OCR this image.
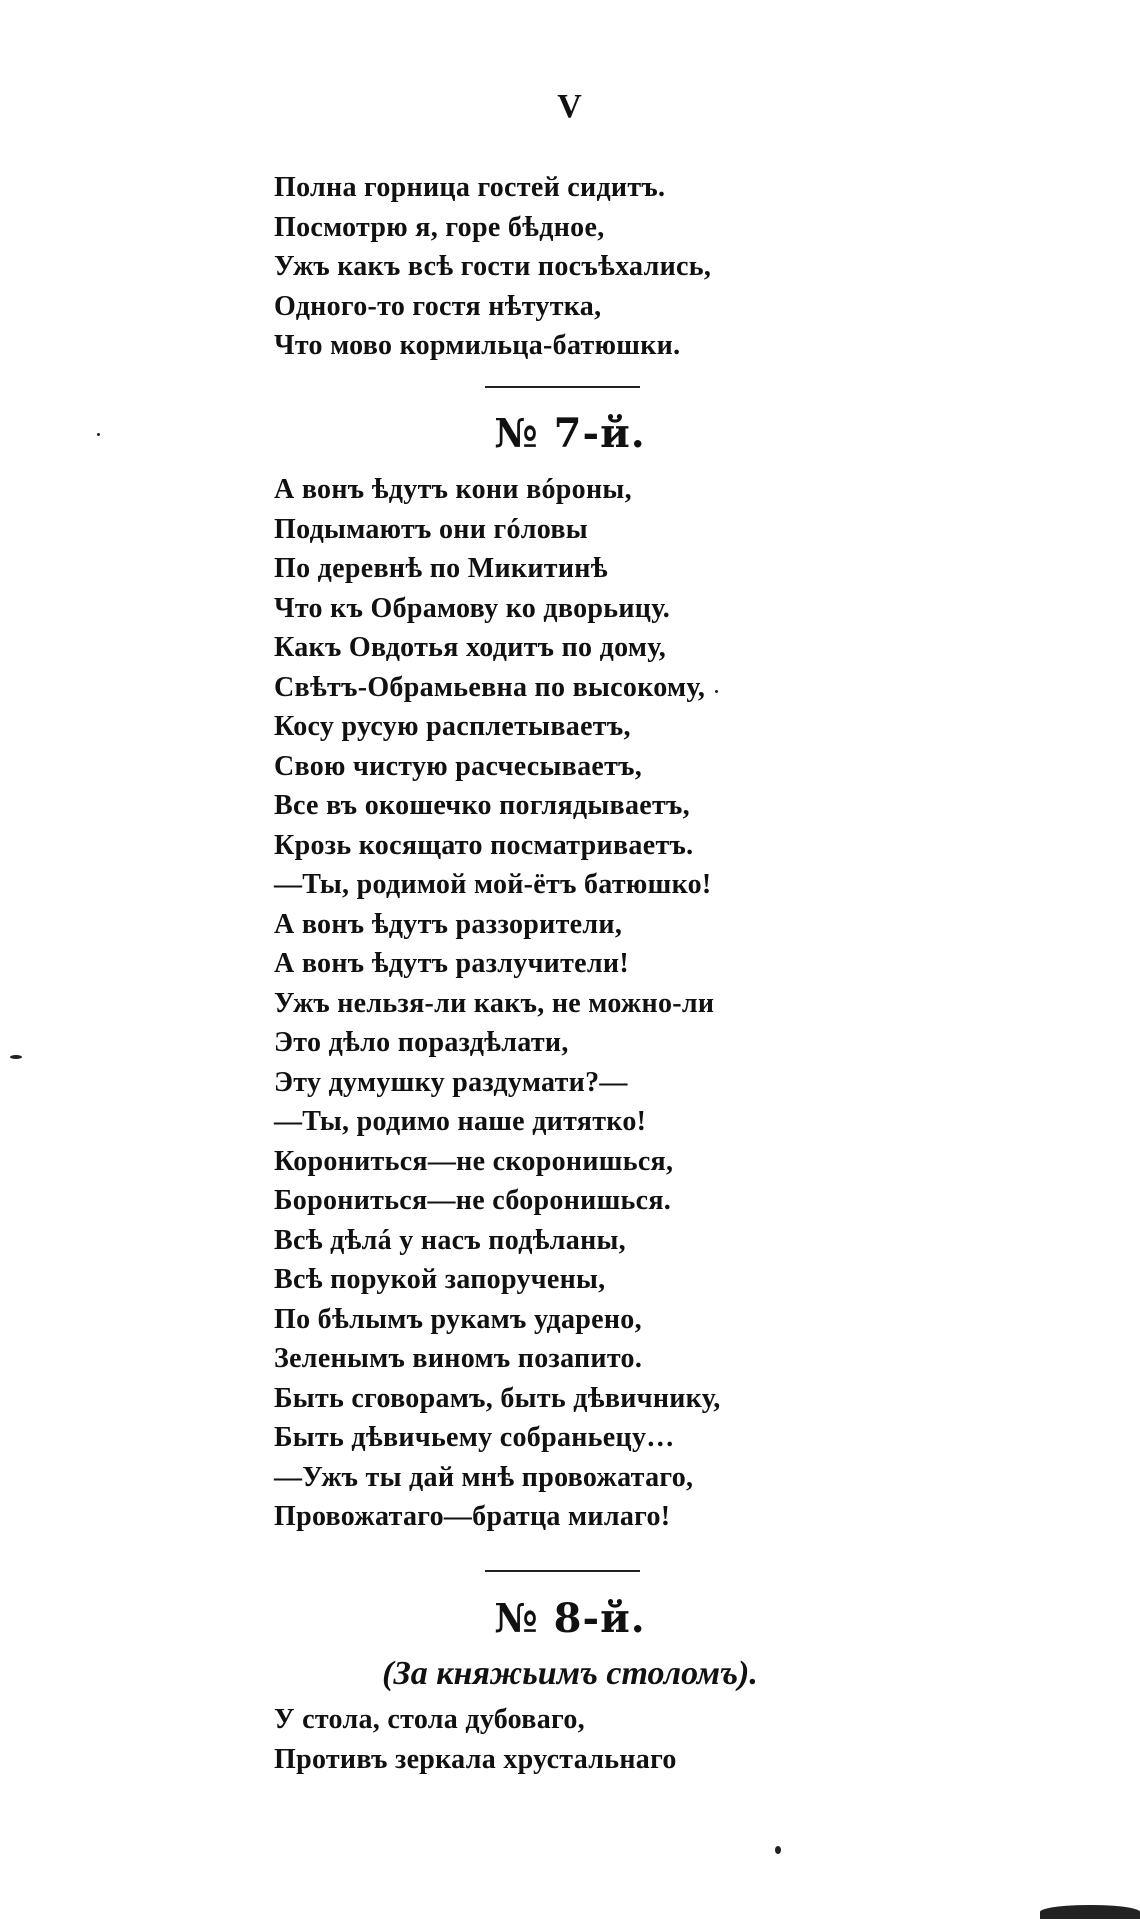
V
Полна горница гостей сидитъ.
Посмотрю я, горе бѣдное,
Ужъ какъ всѣ гости посъѣхались,
Одного-то гостя нѣтутка,
Что мово кормильца-батюшки.
№ 7-й.
А вонъ ѣдутъ кони вóроны,
Подымаютъ они гóловы
По деревнѣ по Микитинѣ
Что къ Обрамову ко дворьицу.
Какъ Овдотья ходитъ по дому,
Свѣтъ-Обрамьевна по высокому,
Косу русую расплетываетъ,
Свою чистую расчесываетъ,
Все въ окошечко поглядываетъ,
Крозь косящато посматриваетъ.
—Ты, родимой мой-ётъ батюшко!
А вонъ ѣдутъ раззорители,
А вонъ ѣдутъ разлучители!
Ужъ нельзя-ли какъ, не можно-ли
Это дѣло пораздѣлати,
Эту думушку раздумати?—
—Ты, родимо наше дитятко!
Корониться—не скоронишься,
Борониться—не сборонишься.
Всѣ дѣлá у насъ подѣланы,
Всѣ порукой запоручены,
По бѣлымъ рукамъ ударено,
Зеленымъ виномъ позапито.
Быть сговорамъ, быть дѣвичнику,
Быть дѣвичьему собраньецу…
—Ужъ ты дай мнѣ провожатаго,
Провожатаго—братца милаго!
№ 8-й.
(За княжьимъ столомъ).
У стола, стола дубоваго,
Противъ зеркала хрустальнаго
